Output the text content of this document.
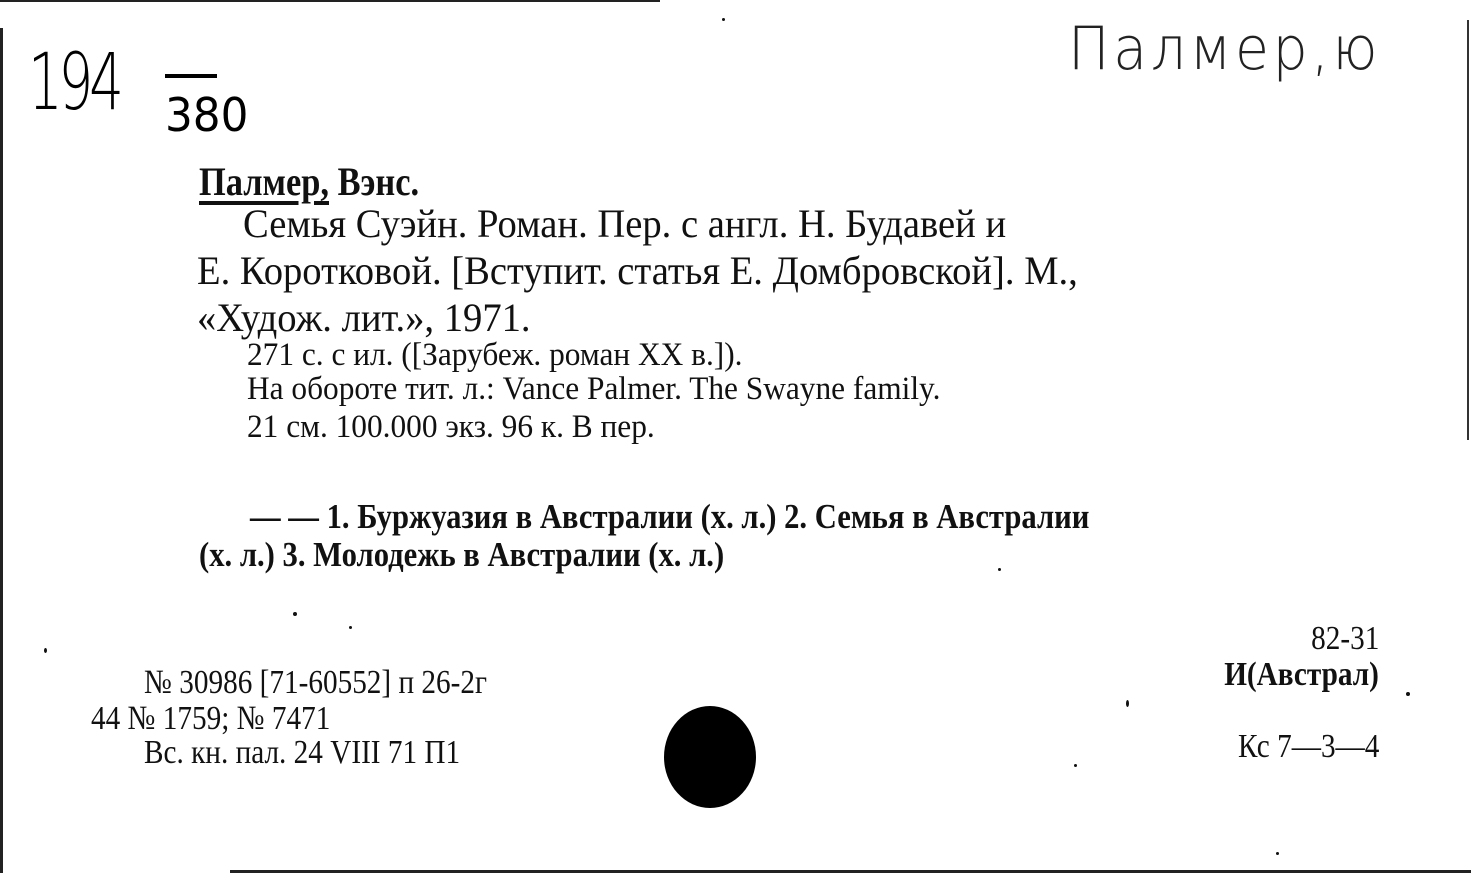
194 380
Палмер,ю
Палмер, Вэнс.
Семья Суэйн. Роман. Пер. с англ. Н. Будавей и
Е. Коротковой. [Вступит. статья Е. Домбровской]. М.,
«Худож. лит.», 1971.
271 с. с ил. ([Зарубеж. роман XX в.]).
На обороте тит. л.: Vance Palmer. The Swayne family.
21 см. 100.000 экз. 96 к. В пер.
— — 1. Буржуазия в Австралии (х. л.) 2. Семья в Австралии
(х. л.) 3. Молодежь в Австралии (х. л.)
№ 30986 [71-60552] п 26-2г
44 № 1759; № 7471
Вс. кн. пал. 24 VIII 71 П1
82-31
И(Австрал)
Кс 7—3—4
